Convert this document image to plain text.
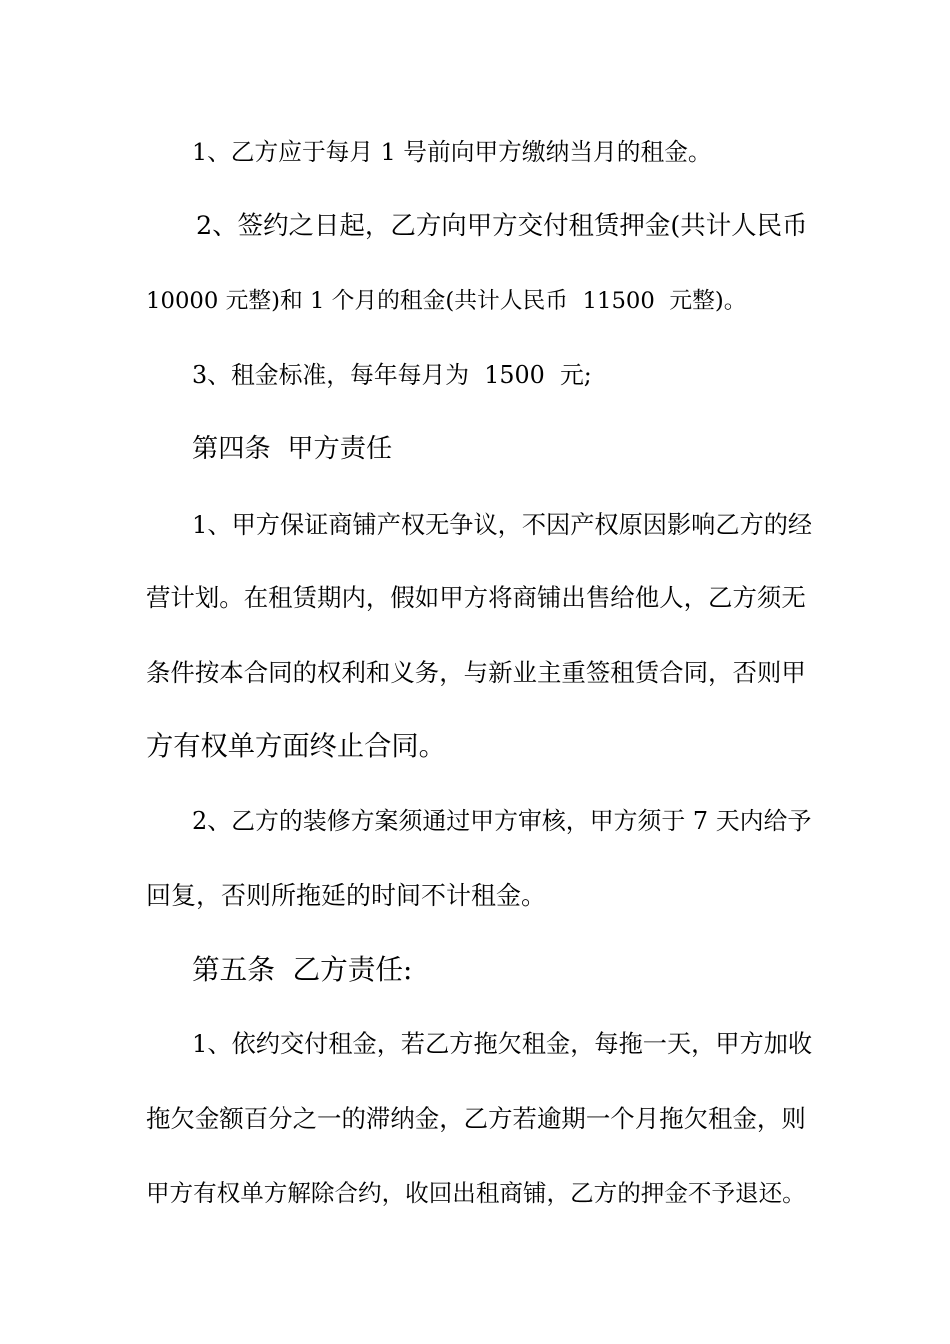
1、乙方应于每月 1 号前向甲方缴纳当月的租金。
2、签约之日起，乙方向甲方交付租赁押金(共计人民币
10000 元整)和 1 个月的租金(共计人民币  11500  元整)。
3、租金标准，每年每月为  1500  元;
第四条  甲方责任
1、甲方保证商铺产权无争议，不因产权原因影响乙方的经
营计划。在租赁期内，假如甲方将商铺出售给他人，乙方须无
条件按本合同的权利和义务，与新业主重签租赁合同，否则甲
方有权单方面终止合同。
2、乙方的装修方案须通过甲方审核，甲方须于 7 天内给予
回复，否则所拖延的时间不计租金。
第五条  乙方责任:
1、依约交付租金，若乙方拖欠租金，每拖一天，甲方加收
拖欠金额百分之一的滞纳金，乙方若逾期一个月拖欠租金，则
甲方有权单方解除合约，收回出租商铺，乙方的押金不予退还。
